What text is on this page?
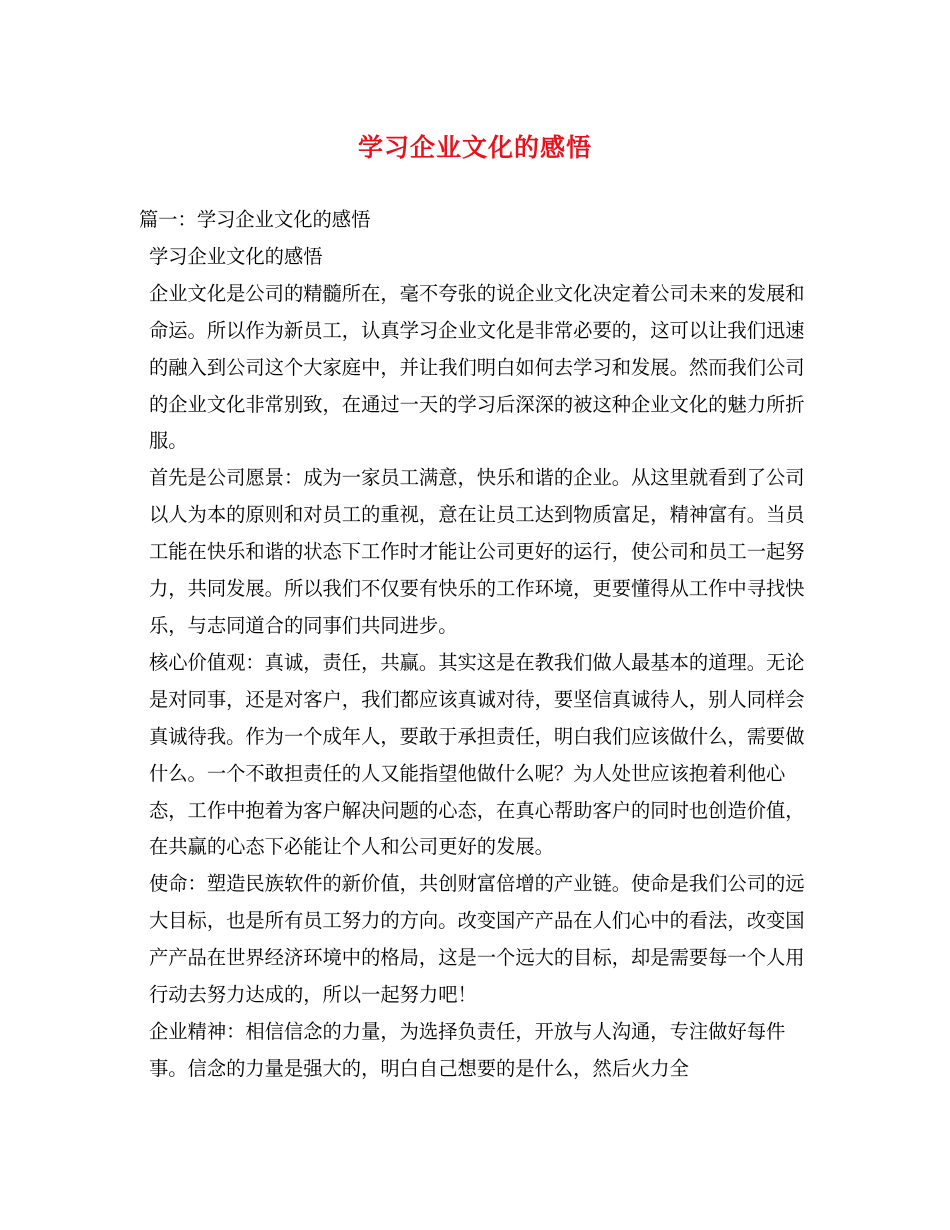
学习企业文化的感悟

篇一：学习企业文化的感悟

学习企业文化的感悟

企业文化是公司的精髓所在，毫不夸张的说企业文化决定着公司未来的发展和命运。所以作为新员工，认真学习企业文化是非常必要的，这可以让我们迅速的融入到公司这个大家庭中，并让我们明白如何去学习和发展。然而我们公司的企业文化非常别致，在通过一天的学习后深深的被这种企业文化的魅力所折服。

首先是公司愿景：成为一家员工满意，快乐和谐的企业。从这里就看到了公司以人为本的原则和对员工的重视，意在让员工达到物质富足，精神富有。当员工能在快乐和谐的状态下工作时才能让公司更好的运行，使公司和员工一起努力，共同发展。所以我们不仅要有快乐的工作环境，更要懂得从工作中寻找快乐，与志同道合的同事们共同进步。

核心价值观：真诚，责任，共赢。其实这是在教我们做人最基本的道理。无论是对同事，还是对客户，我们都应该真诚对待，要坚信真诚待人，别人同样会真诚待我。作为一个成年人，要敢于承担责任，明白我们应该做什么，需要做什么。一个不敢担责任的人又能指望他做什么呢？为人处世应该抱着利他心态，工作中抱着为客户解决问题的心态，在真心帮助客户的同时也创造价值，在共赢的心态下必能让个人和公司更好的发展。

使命：塑造民族软件的新价值，共创财富倍增的产业链。使命是我们公司的远大目标，也是所有员工努力的方向。改变国产产品在人们心中的看法，改变国产产品在世界经济环境中的格局，这是一个远大的目标，却是需要每一个人用行动去努力达成的，所以一起努力吧！

企业精神：相信信念的力量，为选择负责任，开放与人沟通，专注做好每件事。信念的力量是强大的，明白自己想要的是什么，然后火力全
